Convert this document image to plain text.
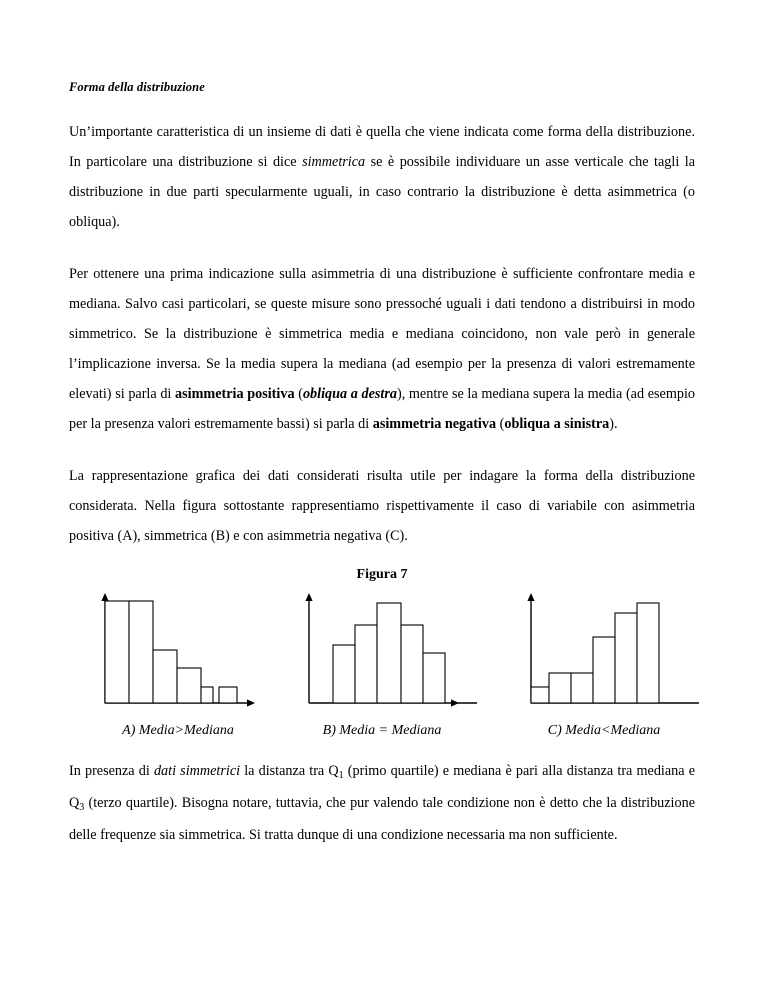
Forma della distribuzione

Un’importante caratteristica di un insieme di dati è quella che viene indicata come forma della distribuzione. In particolare una distribuzione si dice simmetrica se è possibile individuare un asse verticale che tagli la distribuzione in due parti specularmente uguali, in caso contrario la distribuzione è detta asimmetrica (o obliqua).

Per ottenere una prima indicazione sulla asimmetria di una distribuzione è sufficiente confrontare media e mediana. Salvo casi particolari, se queste misure sono pressoché uguali i dati tendono a distribuirsi in modo simmetrico. Se la distribuzione è simmetrica media e mediana coincidono, non vale però in generale l’implicazione inversa. Se la media supera la mediana (ad esempio per la presenza di valori estremamente elevati) si parla di asimmetria positiva (obliqua a destra), mentre se la mediana supera la media (ad esempio per la presenza valori estremamente bassi) si parla di asimmetria negativa (obliqua a sinistra).

La rappresentazione grafica dei dati considerati risulta utile per indagare la forma della distribuzione considerata. Nella figura sottostante rappresentiamo rispettivamente il caso di variabile con asimmetria positiva (A), simmetrica (B) e con asimmetria negativa (C).

Figura 7
A) Media>Mediana	B) Media = Mediana	C) Media<Mediana

In presenza di dati simmetrici la distanza tra $Q_1$ (primo quartile) e mediana è pari alla distanza tra mediana e $Q_3$ (terzo quartile). Bisogna notare, tuttavia, che pur valendo tale condizione non è detto che la distribuzione delle frequenze sia simmetrica. Si tratta dunque di una condizione necessaria ma non sufficiente.
